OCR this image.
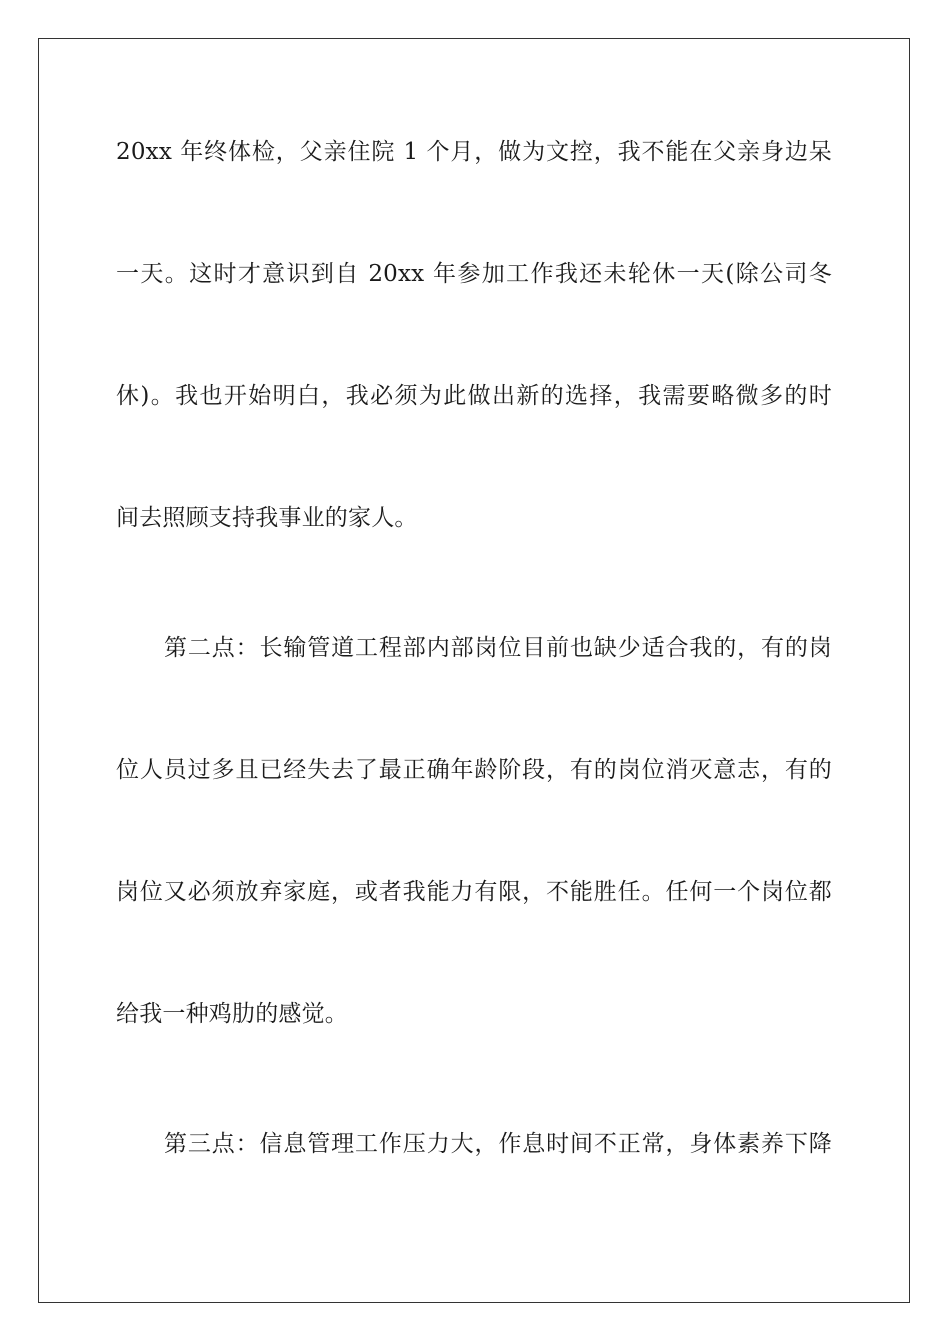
20xx 年终体检，父亲住院 1 个月，做为文控，我不能在父亲身边呆
一天。这时才意识到自 20xx 年参加工作我还未轮休一天(除公司冬
休)。我也开始明白，我必须为此做出新的选择，我需要略微多的时
间去照顾支持我事业的家人。
第二点：长输管道工程部内部岗位目前也缺少适合我的，有的岗
位人员过多且已经失去了最正确年龄阶段，有的岗位消灭意志，有的
岗位又必须放弃家庭，或者我能力有限，不能胜任。任何一个岗位都
给我一种鸡肋的感觉。
第三点：信息管理工作压力大，作息时间不正常，身体素养下降
